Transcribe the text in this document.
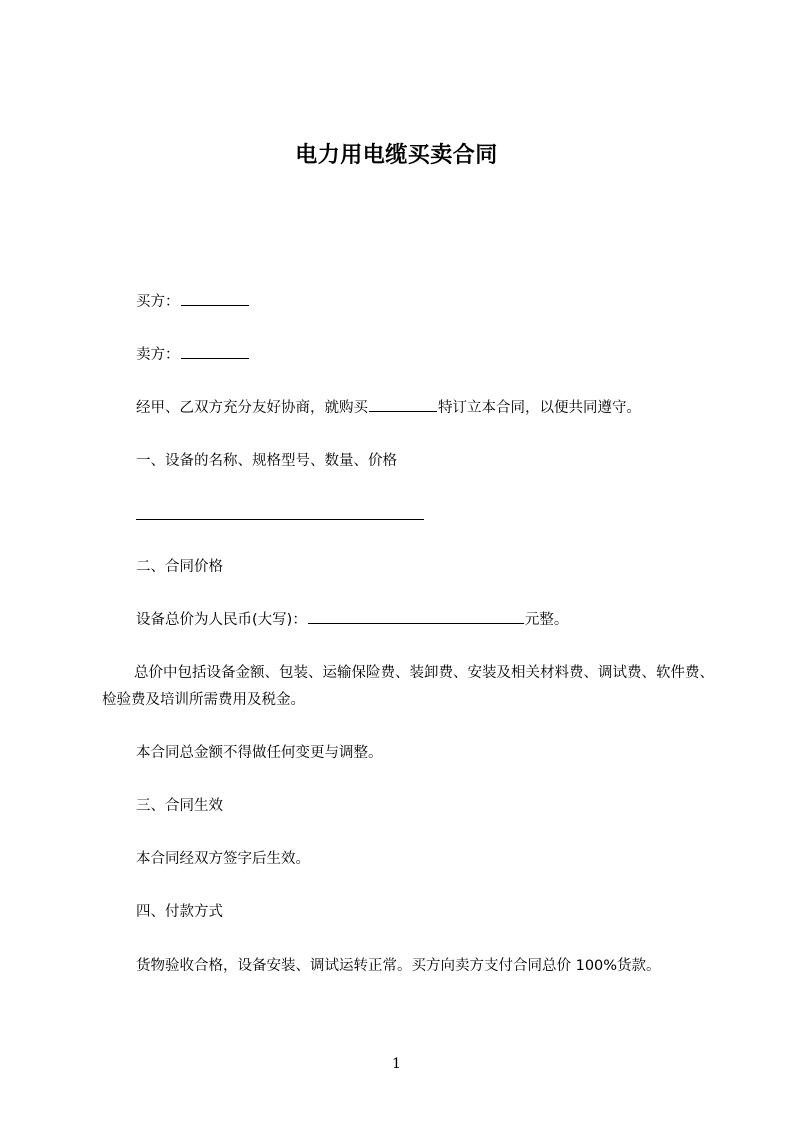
电力用电缆买卖合同
买方：
卖方：
经甲、乙双方充分友好协商，就购买	特订立本合同，以便共同遵守。
一、设备的名称、规格型号、数量、价格
二、合同价格
设备总价为人民币(大写)：	元整。
总价中包括设备金额、包装、运输保险费、装卸费、安装及相关材料费、调试费、软件费、检验费及培训所需费用及税金。
本合同总金额不得做任何变更与调整。
三、合同生效
本合同经双方签字后生效。
四、付款方式
货物验收合格，设备安装、调试运转正常。买方向卖方支付合同总价 100%货款。
1
